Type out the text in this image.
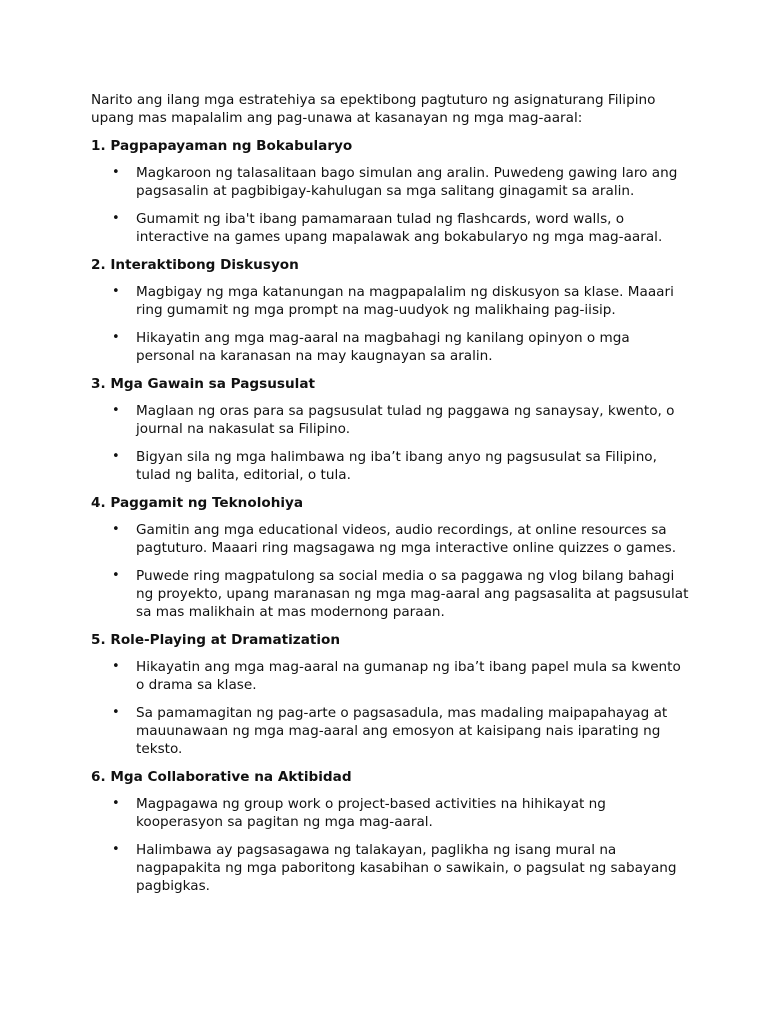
Narito ang ilang mga estratehiya sa epektibong pagtuturo ng asignaturang Filipino upang mas mapalalim ang pag-unawa at kasanayan ng mga mag-aaral:

1. Pagpapayaman ng Bokabularyo
• Magkaroon ng talasalitaan bago simulan ang aralin. Puwedeng gawing laro ang pagsasalin at pagbibigay-kahulugan sa mga salitang ginagamit sa aralin.
• Gumamit ng iba't ibang pamamaraan tulad ng flashcards, word walls, o interactive na games upang mapalawak ang bokabularyo ng mga mag-aaral.
2. Interaktibong Diskusyon
• Magbigay ng mga katanungan na magpapalalim ng diskusyon sa klase. Maaari ring gumamit ng mga prompt na mag-uudyok ng malikhaing pag-iisip.
• Hikayatin ang mga mag-aaral na magbahagi ng kanilang opinyon o mga personal na karanasan na may kaugnayan sa aralin.
3. Mga Gawain sa Pagsusulat
• Maglaan ng oras para sa pagsusulat tulad ng paggawa ng sanaysay, kwento, o journal na nakasulat sa Filipino.
• Bigyan sila ng mga halimbawa ng iba’t ibang anyo ng pagsusulat sa Filipino, tulad ng balita, editorial, o tula.
4. Paggamit ng Teknolohiya
• Gamitin ang mga educational videos, audio recordings, at online resources sa pagtuturo. Maaari ring magsagawa ng mga interactive online quizzes o games.
• Puwede ring magpatulong sa social media o sa paggawa ng vlog bilang bahagi ng proyekto, upang maranasan ng mga mag-aaral ang pagsasalita at pagsusulat sa mas malikhain at mas modernong paraan.
5. Role-Playing at Dramatization
• Hikayatin ang mga mag-aaral na gumanap ng iba’t ibang papel mula sa kwento o drama sa klase.
• Sa pamamagitan ng pag-arte o pagsasadula, mas madaling maipapahayag at mauunawaan ng mga mag-aaral ang emosyon at kaisipang nais iparating ng teksto.
6. Mga Collaborative na Aktibidad
• Magpagawa ng group work o project-based activities na hihikayat ng kooperasyon sa pagitan ng mga mag-aaral.
• Halimbawa ay pagsasagawa ng talakayan, paglikha ng isang mural na nagpapakita ng mga paboritong kasabihan o sawikain, o pagsulat ng sabayang pagbigkas.
